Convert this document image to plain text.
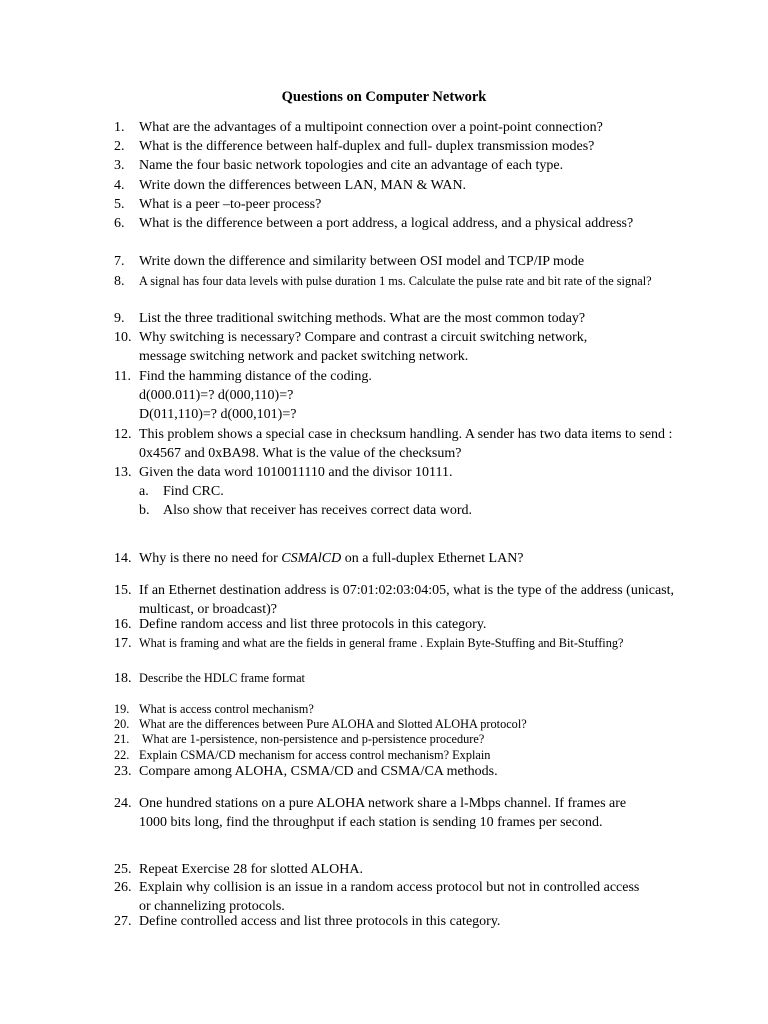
Questions on Computer Network
1.	What are the advantages of a multipoint connection over a point-point connection?
2.	What is the difference between half-duplex and full- duplex transmission modes?
3.	Name the four basic network topologies and cite an advantage of each type.
4.	Write down the differences between LAN, MAN & WAN.
5.	What is a peer –to-peer process?
6.	What is the difference between a port address, a logical address, and a physical address?
7.	Write down the difference and similarity between OSI model and TCP/IP mode
8.	A signal has four data levels with pulse duration 1 ms. Calculate the pulse rate and bit rate of the signal?
9.	List the three traditional switching methods. What are the most common today?
10. Why switching is necessary? Compare and contrast a circuit switching network, message switching network and packet switching network.
11. Find the hamming distance of the coding.
d(000.011)=? d(000,110)=?
D(011,110)=? d(000,101)=?
12. This problem shows a special case in checksum handling. A sender has two data items to send : 0x4567 and 0xBA98. What is the value of the checksum?
13. Given the data word 1010011110 and the divisor 10111.
a. Find CRC.
b. Also show that receiver has receives correct data word.
14. Why is there no need for CSMAlCD on a full-duplex Ethernet LAN?
15. If an Ethernet destination address is 07:01:02:03:04:05, what is the type of the address (unicast, multicast, or broadcast)?
16. Define random access and list three protocols in this category.
17. What is framing and what are the fields in general frame . Explain Byte-Stuffing and Bit-Stuffing?
18. Describe the HDLC frame format
19. What is access control mechanism?
20. What are the differences between Pure ALOHA and Slotted ALOHA protocol?
21. What are 1-persistence, non-persistence and p-persistence procedure?
22. Explain CSMA/CD mechanism for access control mechanism? Explain
23. Compare among ALOHA, CSMA/CD and CSMA/CA methods.
24. One hundred stations on a pure ALOHA network share a l-Mbps channel. If frames are 1000 bits long, find the throughput if each station is sending 10 frames per second.
25. Repeat Exercise 28 for slotted ALOHA.
26. Explain why collision is an issue in a random access protocol but not in controlled access or channelizing protocols.
27. Define controlled access and list three protocols in this category.
